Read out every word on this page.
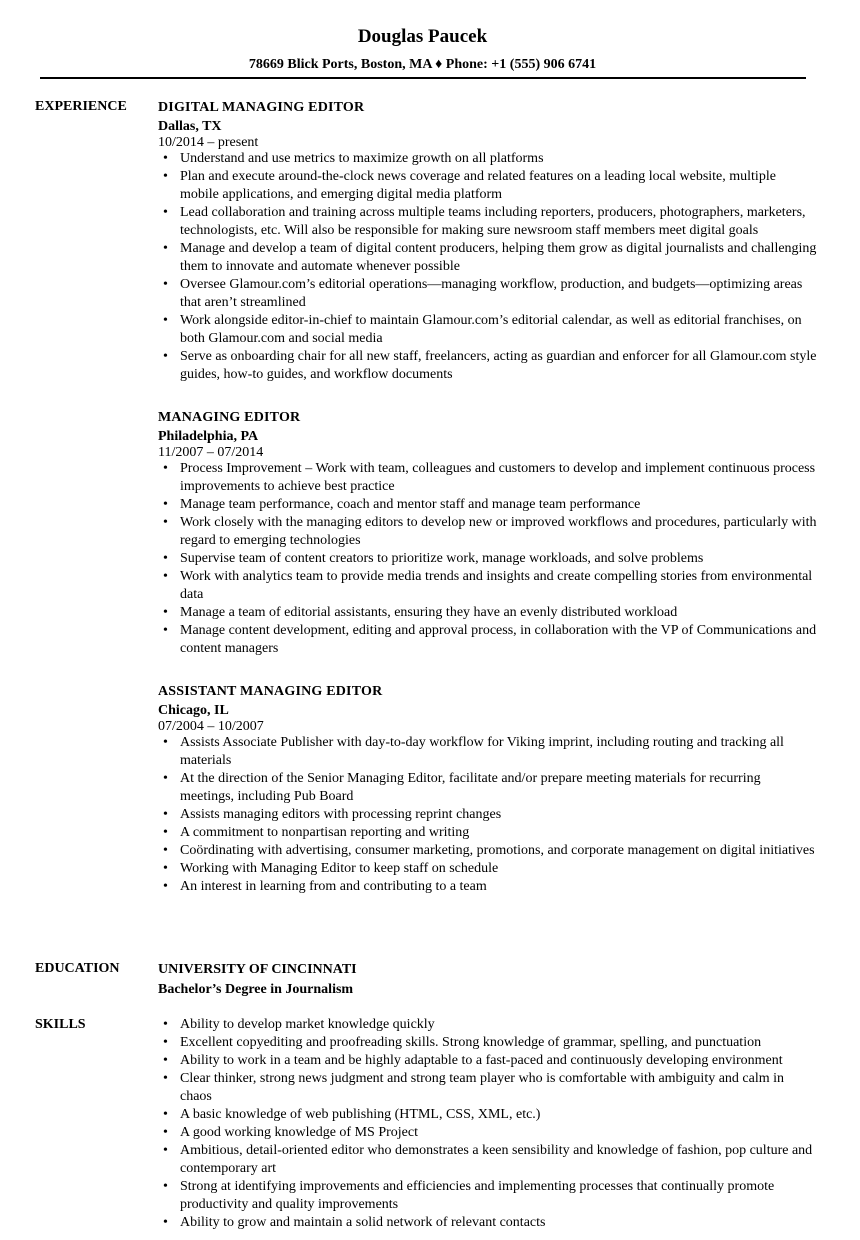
Douglas Paucek
78669 Blick Ports, Boston, MA ♦ Phone: +1 (555) 906 6741
EXPERIENCE DIGITAL MANAGING EDITOR
Dallas, TX
10/2014 – present
• Understand and use metrics to maximize growth on all platforms
• Plan and execute around-the-clock news coverage and related features on a leading local website, multiple mobile applications, and emerging digital media platform
• Lead collaboration and training across multiple teams including reporters, producers, photographers, marketers, technologists, etc. Will also be responsible for making sure newsroom staff members meet digital goals
• Manage and develop a team of digital content producers, helping them grow as digital journalists and challenging them to innovate and automate whenever possible
• Oversee Glamour.com’s editorial operations—managing workflow, production, and budgets—optimizing areas that aren’t streamlined
• Work alongside editor-in-chief to maintain Glamour.com’s editorial calendar, as well as editorial franchises, on both Glamour.com and social media
• Serve as onboarding chair for all new staff, freelancers, acting as guardian and enforcer for all Glamour.com style guides, how-to guides, and workflow documents
MANAGING EDITOR
Philadelphia, PA
11/2007 – 07/2014
• Process Improvement – Work with team, colleagues and customers to develop and implement continuous process improvements to achieve best practice
• Manage team performance, coach and mentor staff and manage team performance
• Work closely with the managing editors to develop new or improved workflows and procedures, particularly with regard to emerging technologies
• Supervise team of content creators to prioritize work, manage workloads, and solve problems
• Work with analytics team to provide media trends and insights and create compelling stories from environmental data
• Manage a team of editorial assistants, ensuring they have an evenly distributed workload
• Manage content development, editing and approval process, in collaboration with the VP of Communications and content managers
ASSISTANT MANAGING EDITOR
Chicago, IL
07/2004 – 10/2007
• Assists Associate Publisher with day-to-day workflow for Viking imprint, including routing and tracking all materials
• At the direction of the Senior Managing Editor, facilitate and/or prepare meeting materials for recurring meetings, including Pub Board
• Assists managing editors with processing reprint changes
• A commitment to nonpartisan reporting and writing
• Coördinating with advertising, consumer marketing, promotions, and corporate management on digital initiatives
• Working with Managing Editor to keep staff on schedule
• An interest in learning from and contributing to a team
EDUCATION	UNIVERSITY OF CINCINNATI
Bachelor’s Degree in Journalism
SKILLS
•	Ability to develop market knowledge quickly
• Excellent copyediting and proofreading skills. Strong knowledge of grammar, spelling, and punctuation
• Ability to work in a team and be highly adaptable to a fast-paced and continuously developing environment
• Clear thinker, strong news judgment and strong team player who is comfortable with ambiguity and calm in chaos
• A basic knowledge of web publishing (HTML, CSS, XML, etc.)
• A good working knowledge of MS Project
• Ambitious, detail-oriented editor who demonstrates a keen sensibility and knowledge of fashion, pop culture and contemporary art
• Strong at identifying improvements and efficiencies and implementing processes that continually promote productivity and quality improvements
• Ability to grow and maintain a solid network of relevant contacts
